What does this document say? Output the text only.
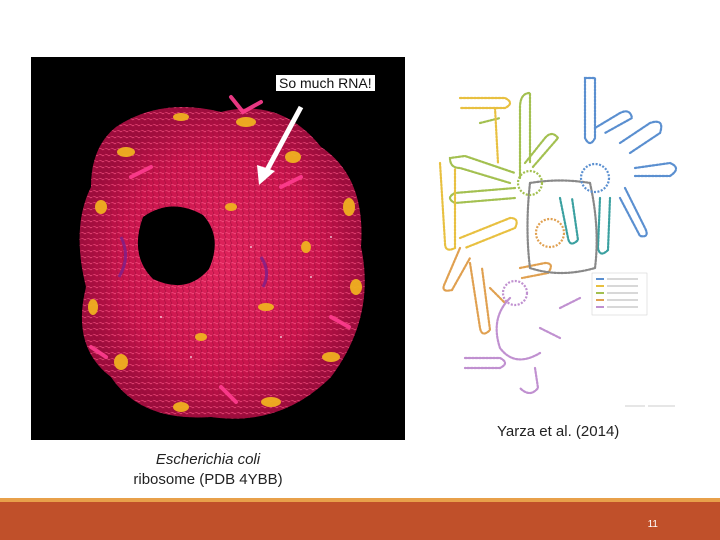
So much RNA!
Yarza et al. (2014)
Escherichia coli
ribosome (PDB 4YBB)
11
